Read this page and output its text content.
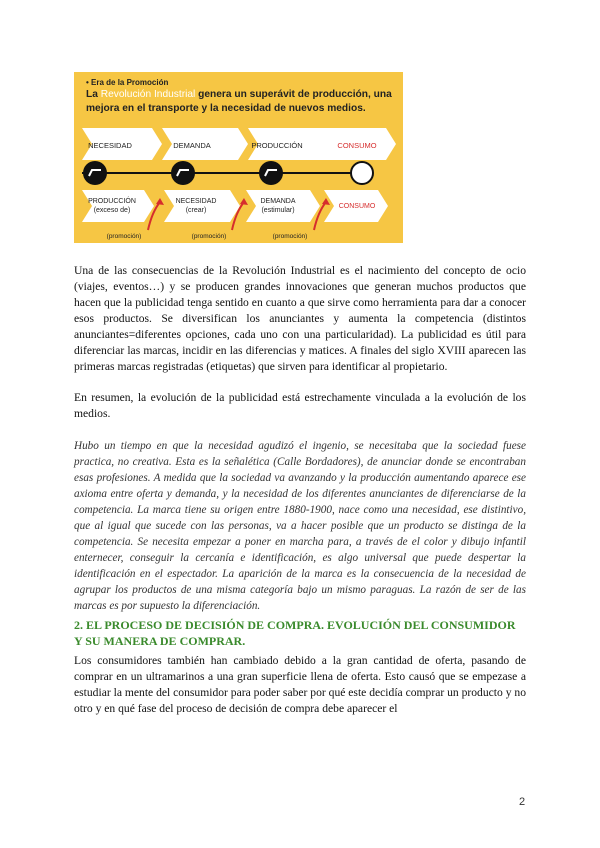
NECESIDAD	DEMANDA	PRODUCCIÓN	CONSUMO
PRODUCCIÓN
(exceso de)
NECESIDAD
(crear)
DEMANDA
(estimular)
CONSUMO
(promoción)	(promoción)	(promoción)
• Era de la Promoción
La Revolución Industrial genera un superávit de producción, una mejora en el transporte y la necesidad de nuevos medios.

Una de las consecuencias de la Revolución Industrial es el nacimiento del concepto de ocio (viajes, eventos…) y se producen grandes innovaciones que generan muchos productos que hacen que la publicidad tenga sentido en cuanto a que sirve como herramienta para dar a conocer esos productos. Se diversifican los anunciantes y aumenta la competencia (distintos anunciantes=diferentes opciones, cada uno con una particularidad). La publicidad es útil para diferenciar las marcas, incidir en las diferencias y matices. A finales del siglo XVIII aparecen las primeras marcas registradas (etiquetas) que sirven para identificar al propietario.

En resumen, la evolución de la publicidad está estrechamente vinculada a la evolución de los medios.

Hubo un tiempo en que la necesidad agudizó el ingenio, se necesitaba que la sociedad fuese practica, no creativa. Esta es la señalética (Calle Bordadores), de anunciar donde se encontraban esas profesiones. A medida que la sociedad va avanzando y la producción aumentando aparece ese axioma entre oferta y demanda, y la necesidad de los diferentes anunciantes de diferenciarse de la competencia. La marca tiene su origen entre 1880-1900, nace como una necesidad, ese distintivo, que al igual que sucede con las personas, va a hacer posible que un producto se distinga de la competencia. Se necesita empezar a poner en marcha para, a través de el color y dibujo infantil enternecer, conseguir la cercanía e identificación, es algo universal que puede despertar la identificación en el espectador. La aparición de la marca es la consecuencia de la necesidad de agrupar los productos de una misma categoría bajo un mismo paraguas. La razón de ser de las marcas es por supuesto la diferenciación.

2. EL PROCESO DE DECISIÓN DE COMPRA. EVOLUCIÓN DEL CONSUMIDOR Y SU MANERA DE COMPRAR.

Los consumidores también han cambiado debido a la gran cantidad de oferta, pasando de comprar en un ultramarinos a una gran superficie llena de oferta. Esto causó que se empezase a estudiar la mente del consumidor para poder saber por qué este decidía comprar un producto y no otro y en qué fase del proceso de decisión de compra debe aparecer el

2
